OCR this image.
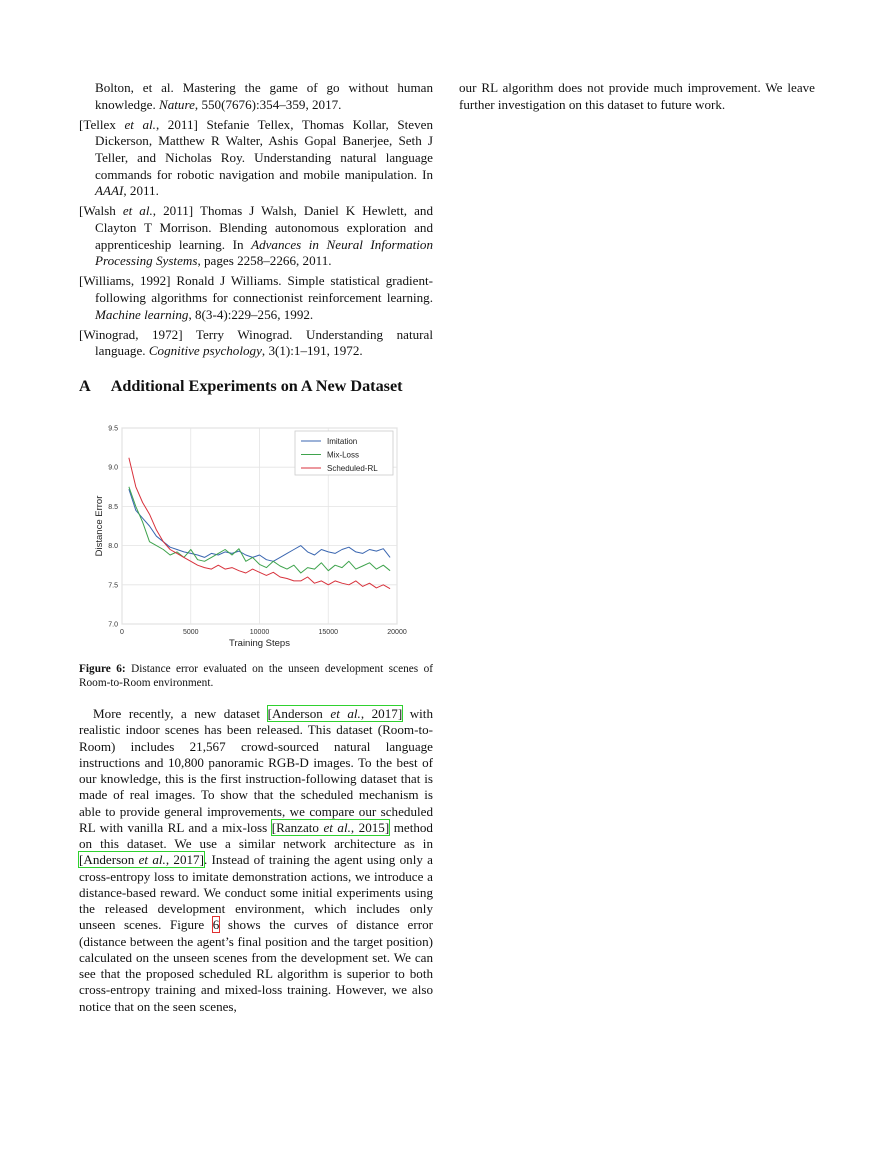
Bolton, et al. Mastering the game of go without human knowledge. Nature, 550(7676):354–359, 2017.

[Tellex et al., 2011] Stefanie Tellex, Thomas Kollar, Steven Dickerson, Matthew R Walter, Ashis Gopal Banerjee, Seth J Teller, and Nicholas Roy. Understanding natural language commands for robotic navigation and mobile manipulation. In AAAI, 2011.

[Walsh et al., 2011] Thomas J Walsh, Daniel K Hewlett, and Clayton T Morrison. Blending autonomous exploration and apprenticeship learning. In Advances in Neural Information Processing Systems, pages 2258–2266, 2011.

[Williams, 1992] Ronald J Williams. Simple statistical gradient-following algorithms for connectionist reinforcement learning. Machine learning, 8(3-4):229–256, 1992.

[Winograd, 1972] Terry Winograd. Understanding natural language. Cognitive psychology, 3(1):1–191, 1972.

A Additional Experiments on A New Dataset
7.0
7.5
8.0
8.5
9.0
9.5
0	5000	10000	15000	20000
Training Steps
Distance Error
Imitation
Mix-Loss
Scheduled-RL
Figure 6: Distance error evaluated on the unseen development scenes of Room-to-Room environment.

More recently, a new dataset [Anderson et al., 2017] with realistic indoor scenes has been released. This dataset (Room-to-Room) includes 21,567 crowd-sourced natural language instructions and 10,800 panoramic RGB-D images. To the best of our knowledge, this is the first instruction-following dataset that is made of real images. To show that the scheduled mechanism is able to provide general improvements, we compare our scheduled RL with vanilla RL and a mix-loss [Ranzato et al., 2015] method on this dataset. We use a similar network architecture as in [Anderson et al., 2017]. Instead of training the agent using only a cross-entropy loss to imitate demonstration actions, we introduce a distance-based reward. We conduct some initial experiments using the released development environment, which includes only unseen scenes. Figure 6 shows the curves of distance error (distance between the agent’s final position and the target position) calculated on the unseen scenes from the development set. We can see that the proposed scheduled RL algorithm is superior to both cross-entropy training and mixed-loss training. However, we also notice that on the seen scenes,

our RL algorithm does not provide much improvement. We leave further investigation on this dataset to future work.
